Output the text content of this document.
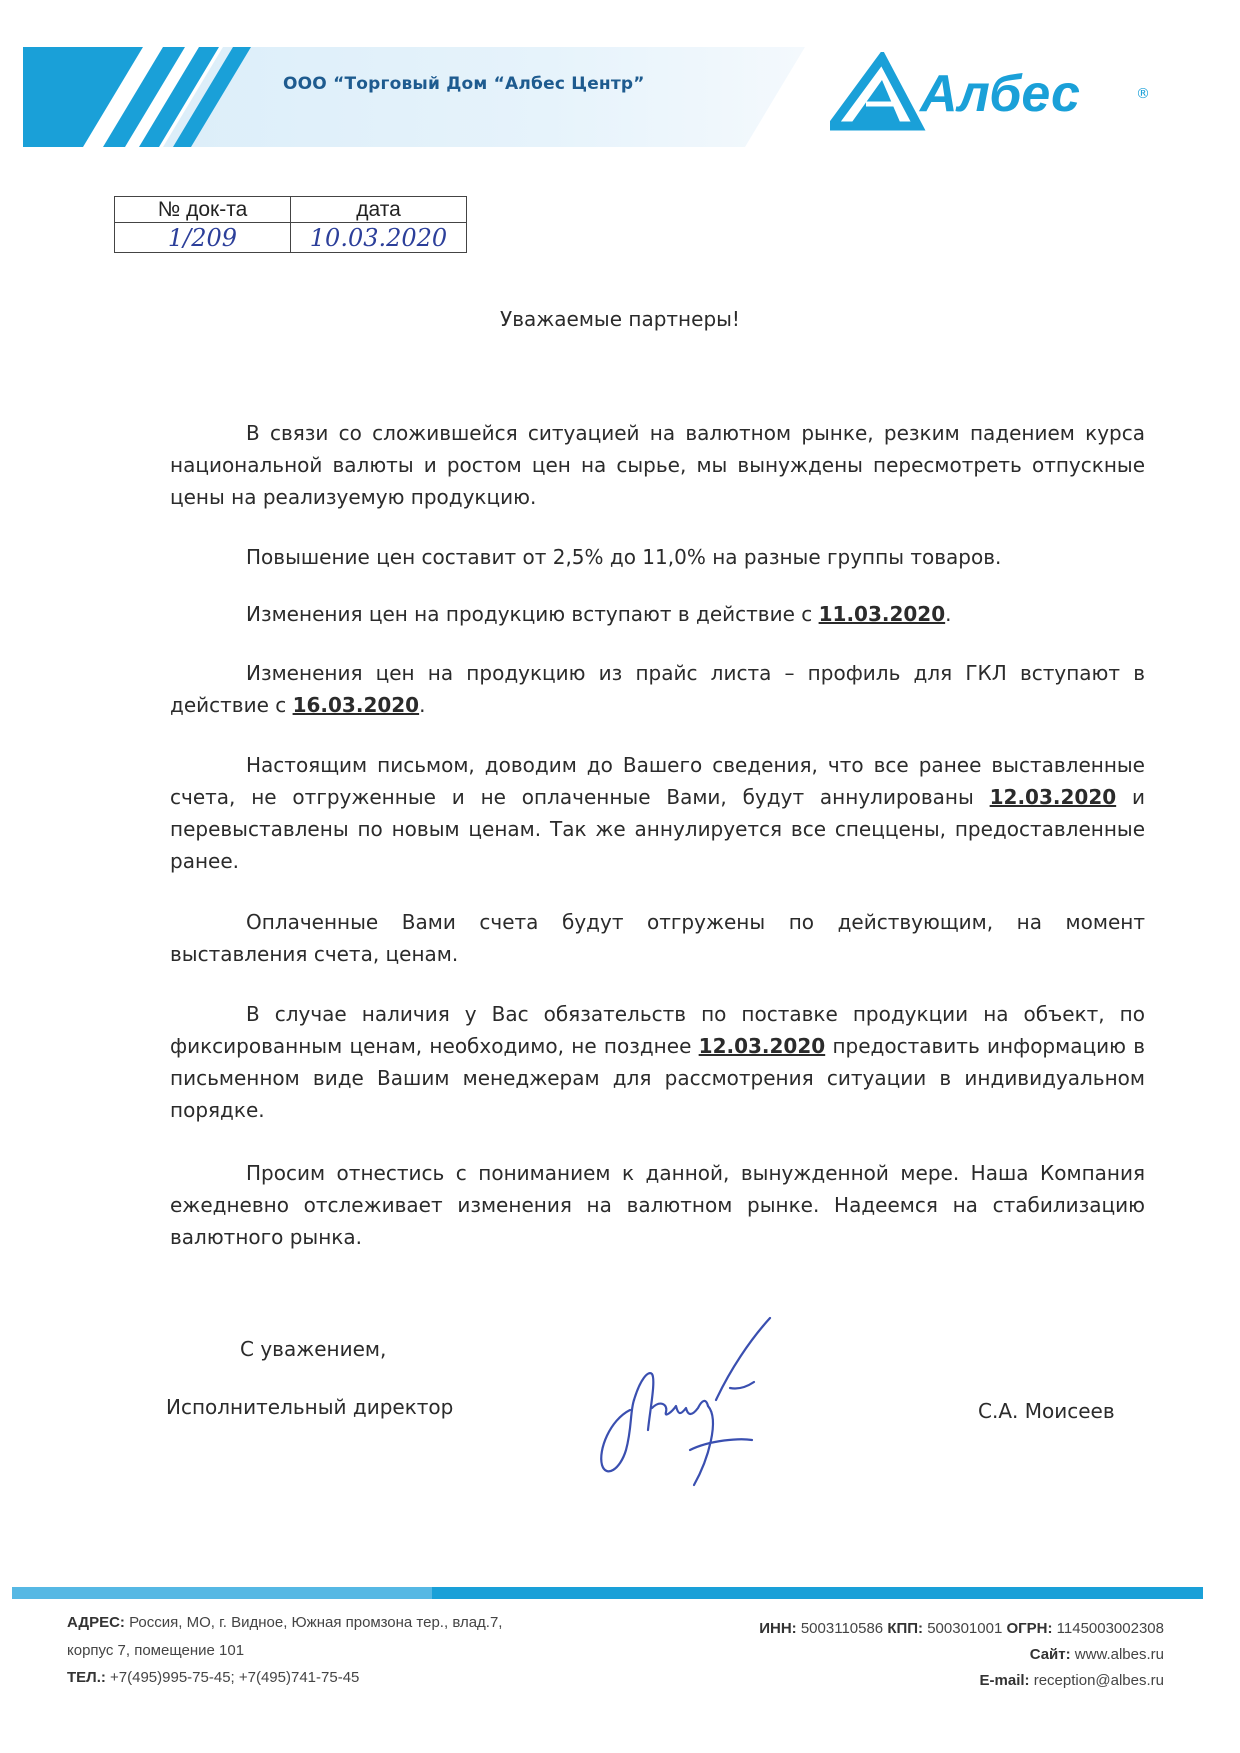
ООО “Торговый Дом “Албес Центр”	Албес	®
№ док-та	дата
1/209	10.03.2020
Уважаемые партнеры!
В связи со сложившейся ситуацией на валютном рынке, резким падением курса национальной валюты и ростом цен на сырье, мы вынуждены пересмотреть отпускные цены на реализуемую продукцию.
Повышение цен составит от 2,5% до 11,0% на разные группы товаров.
Изменения цен на продукцию вступают в действие с 11.03.2020.
Изменения цен на продукцию из прайс листа – профиль для ГКЛ вступают в действие с 16.03.2020.
Настоящим письмом, доводим до Вашего сведения, что все ранее выставленные счета, не отгруженные и не оплаченные Вами, будут аннулированы 12.03.2020 и перевыставлены по новым ценам. Так же аннулируется все спеццены, предоставленные ранее.
Оплаченные Вами счета будут отгружены по действующим, на момент выставления счета, ценам.
В случае наличия у Вас обязательств по поставке продукции на объект, по фиксированным ценам, необходимо, не позднее 12.03.2020 предоставить информацию в письменном виде Вашим менеджерам для рассмотрения ситуации в индивидуальном порядке.
Просим отнестись с пониманием к данной, вынужденной мере. Наша Компания ежедневно отслеживает изменения на валютном рынке. Надеемся на стабилизацию валютного рынка.
С уважением,
Исполнительный директор	С.А. Моисеев
АДРЕС: Россия, МО, г. Видное, Южная промзона тер., влад.7,
корпус 7, помещение 101
ТЕЛ.: +7(495)995-75-45; +7(495)741-75-45
ИНН: 5003110586 КПП: 500301001 ОГРН: 1145003002308
Сайт: www.albes.ru
E-mail: reception@albes.ru
